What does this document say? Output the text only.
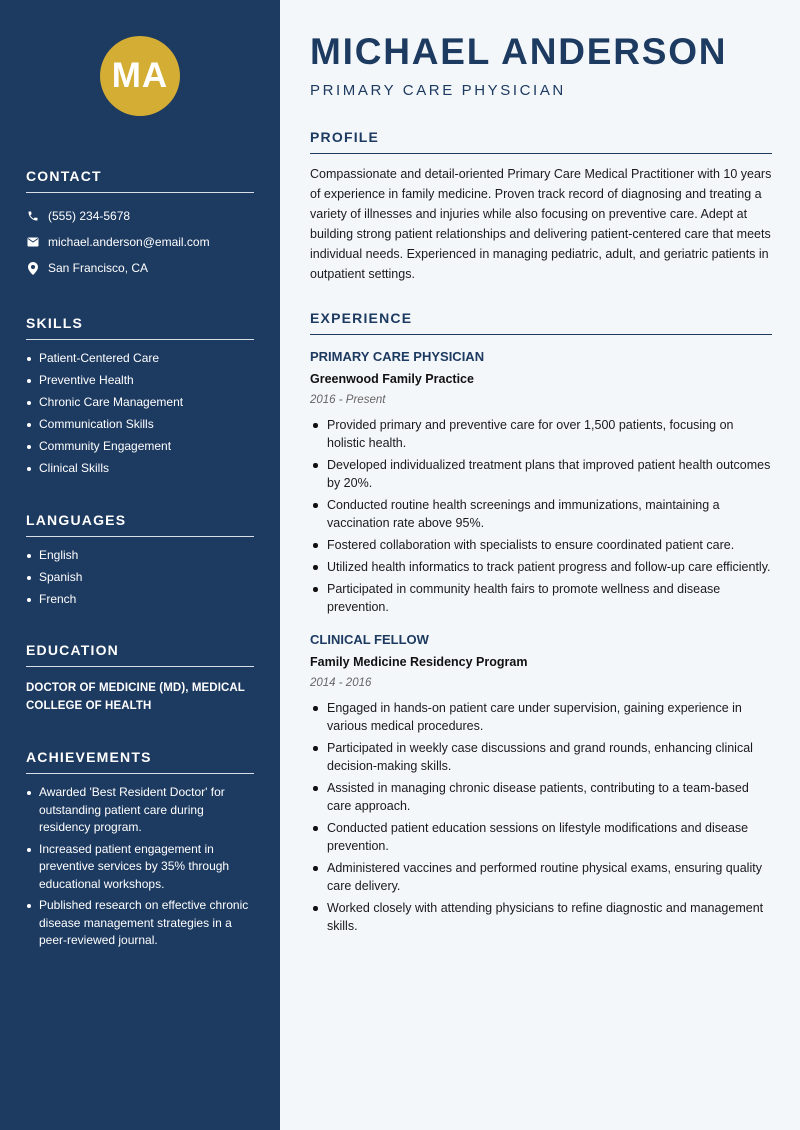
MA
CONTACT
(555) 234-5678
michael.anderson@email.com
San Francisco, CA
SKILLS
Patient-Centered Care
Preventive Health
Chronic Care Management
Communication Skills
Community Engagement
Clinical Skills
LANGUAGES
English
Spanish
French
EDUCATION
DOCTOR OF MEDICINE (MD), MEDICAL COLLEGE OF HEALTH
ACHIEVEMENTS
Awarded 'Best Resident Doctor' for outstanding patient care during residency program.
Increased patient engagement in preventive services by 35% through educational workshops.
Published research on effective chronic disease management strategies in a peer-reviewed journal.
MICHAEL ANDERSON
PRIMARY CARE PHYSICIAN
PROFILE

Compassionate and detail-oriented Primary Care Medical Practitioner with 10 years of experience in family medicine. Proven track record of diagnosing and treating a variety of illnesses and injuries while also focusing on preventive care. Adept at building strong patient relationships and delivering patient-centered care that meets individual needs. Experienced in managing pediatric, adult, and geriatric patients in outpatient settings.

EXPERIENCE
PRIMARY CARE PHYSICIAN
Greenwood Family Practice
2016 - Present
Provided primary and preventive care for over 1,500 patients, focusing on holistic health.
Developed individualized treatment plans that improved patient health outcomes by 20%.
Conducted routine health screenings and immunizations, maintaining a vaccination rate above 95%.
Fostered collaboration with specialists to ensure coordinated patient care.
Utilized health informatics to track patient progress and follow-up care efficiently.
Participated in community health fairs to promote wellness and disease prevention.
CLINICAL FELLOW
Family Medicine Residency Program
2014 - 2016
Engaged in hands-on patient care under supervision, gaining experience in various medical procedures.
Participated in weekly case discussions and grand rounds, enhancing clinical decision-making skills.
Assisted in managing chronic disease patients, contributing to a team-based care approach.
Conducted patient education sessions on lifestyle modifications and disease prevention.
Administered vaccines and performed routine physical exams, ensuring quality care delivery.
Worked closely with attending physicians to refine diagnostic and management skills.
